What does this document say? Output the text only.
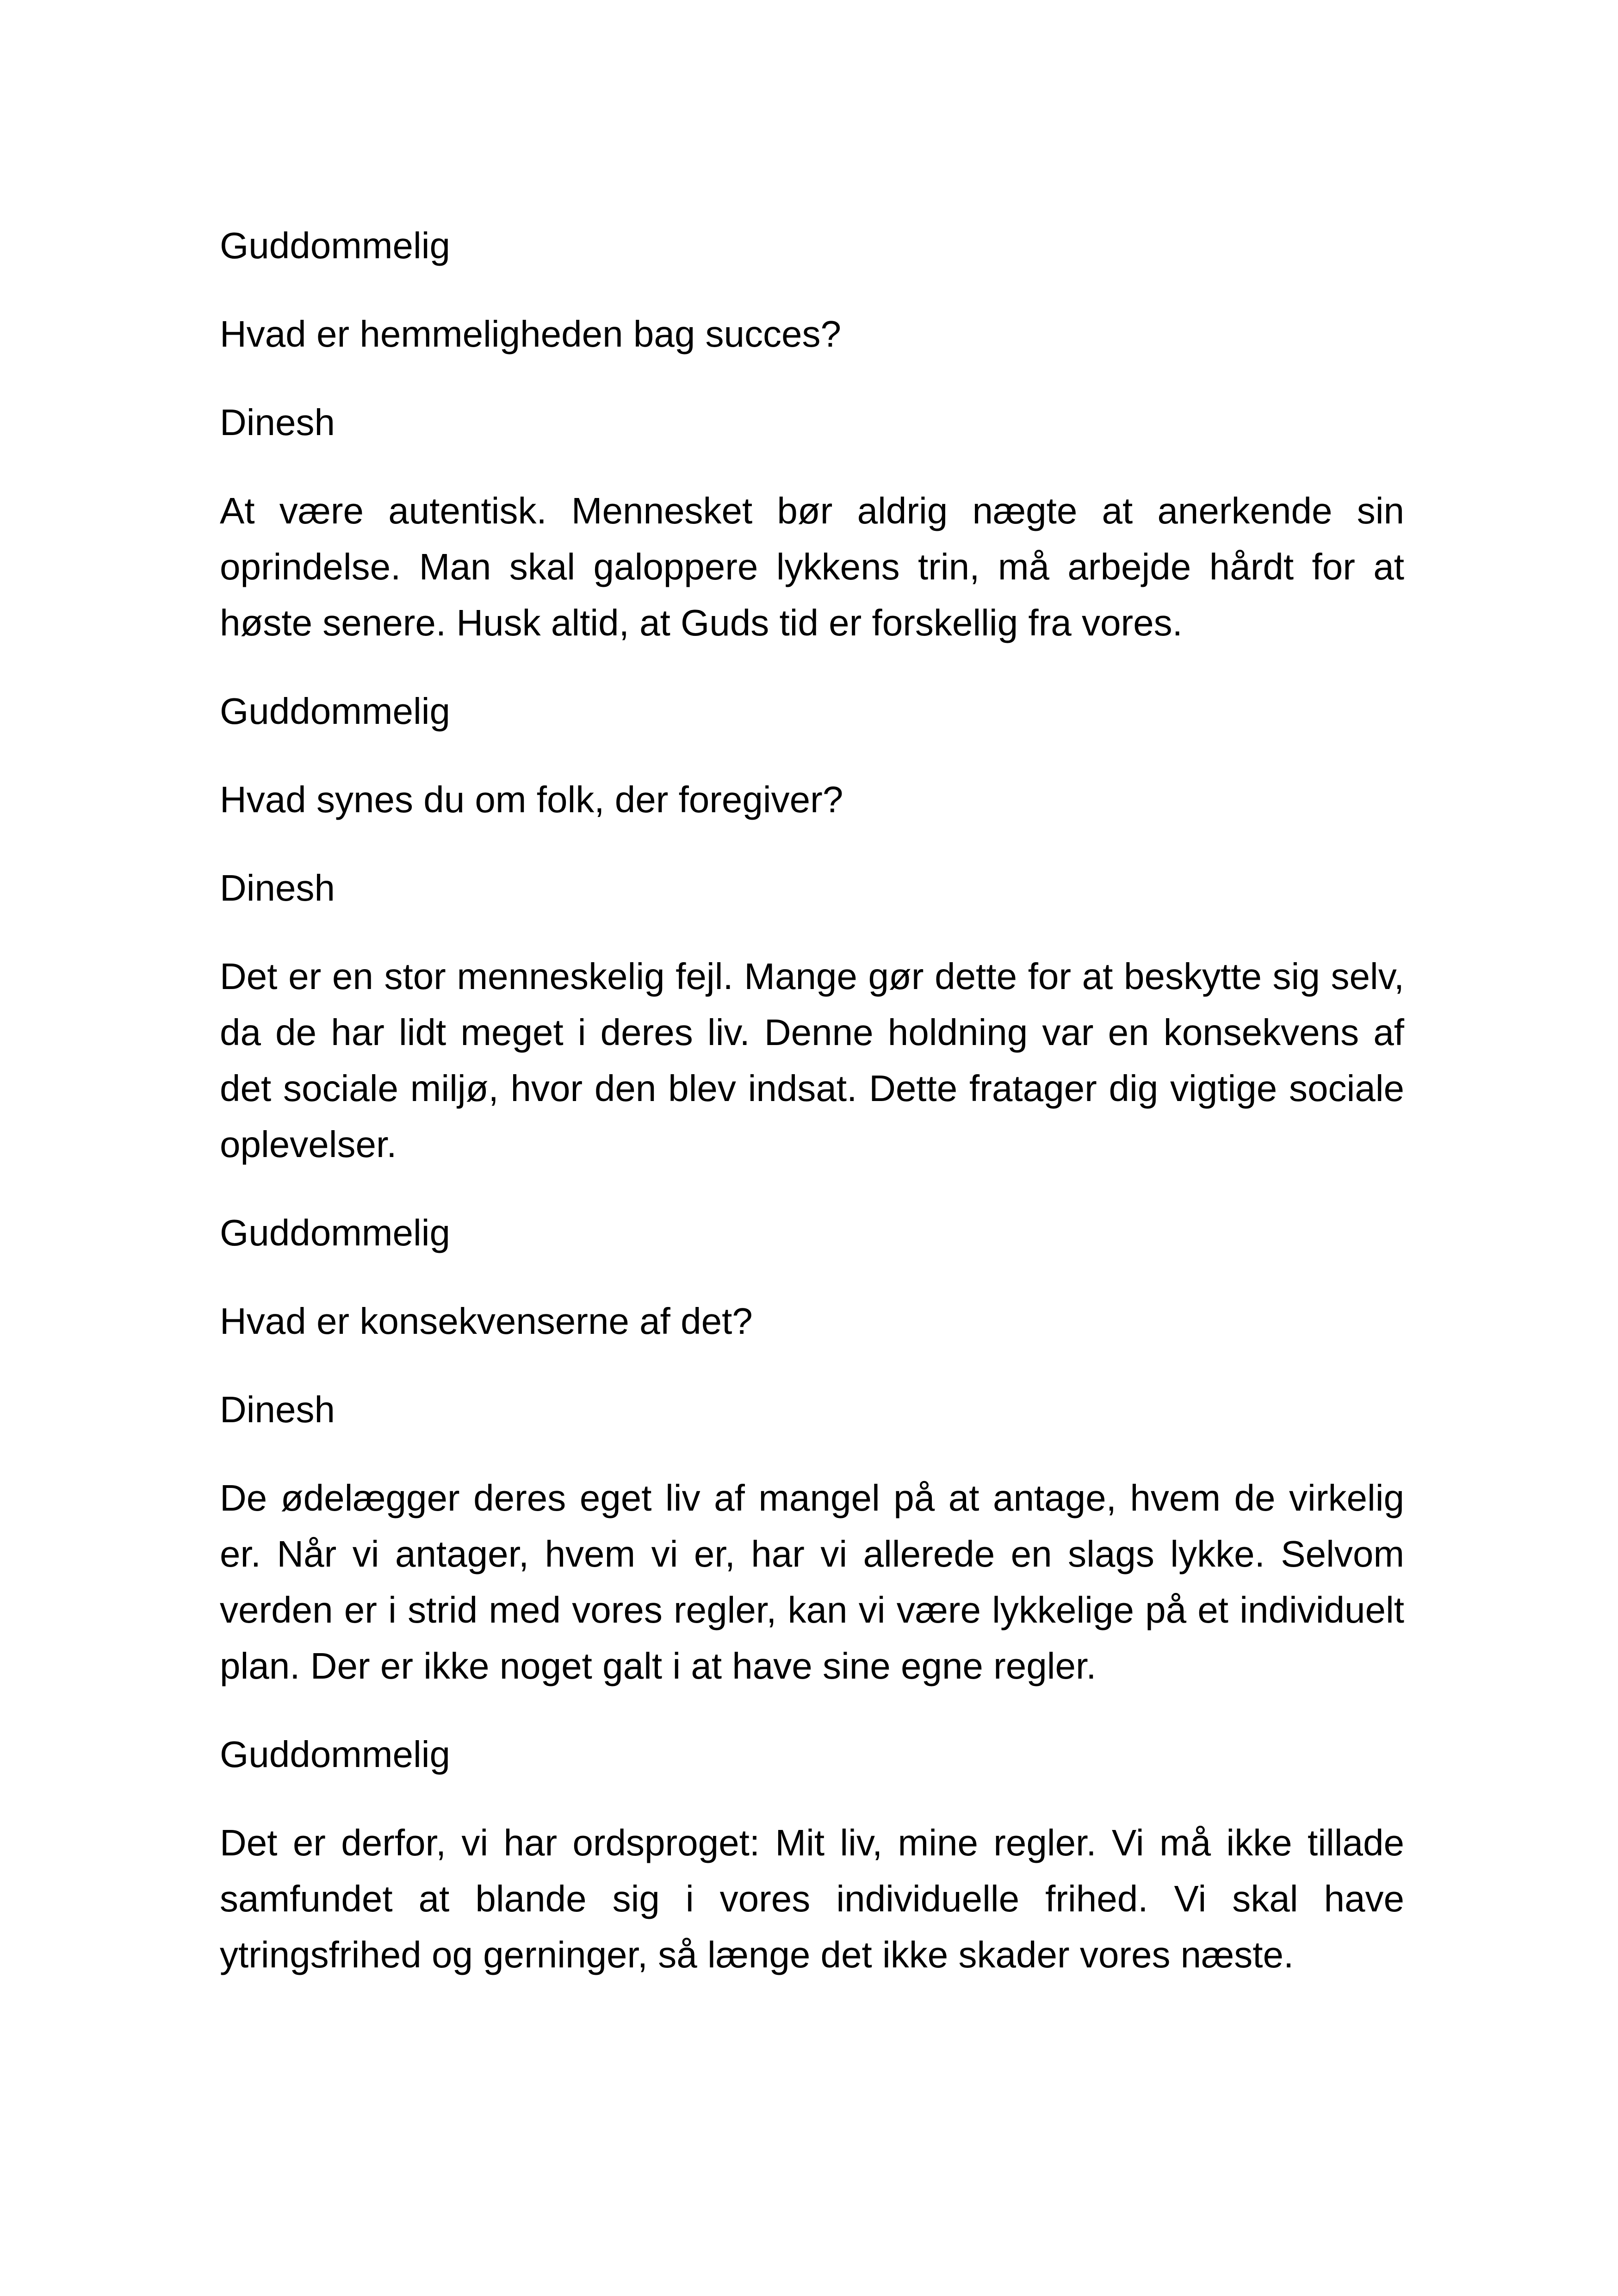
Guddommelig

Hvad er hemmeligheden bag succes?

Dinesh

At være autentisk. Mennesket bør aldrig nægte at anerkende sin oprindelse. Man skal galoppere lykkens trin, må arbejde hårdt for at høste senere. Husk altid, at Guds tid er forskellig fra vores.

Guddommelig

Hvad synes du om folk, der foregiver?

Dinesh

Det er en stor menneskelig fejl. Mange gør dette for at beskytte sig selv, da de har lidt meget i deres liv. Denne holdning var en konsekvens af det sociale miljø, hvor den blev indsat. Dette fratager dig vigtige sociale oplevelser.

Guddommelig

Hvad er konsekvenserne af det?

Dinesh

De ødelægger deres eget liv af mangel på at antage, hvem de virkelig er. Når vi antager, hvem vi er, har vi allerede en slags lykke. Selvom verden er i strid med vores regler, kan vi være lykkelige på et individuelt plan. Der er ikke noget galt i at have sine egne regler.

Guddommelig

Det er derfor, vi har ordsproget: Mit liv, mine regler. Vi må ikke tillade samfundet at blande sig i vores individuelle frihed. Vi skal have ytringsfrihed og gerninger, så længe det ikke skader vores næste.
